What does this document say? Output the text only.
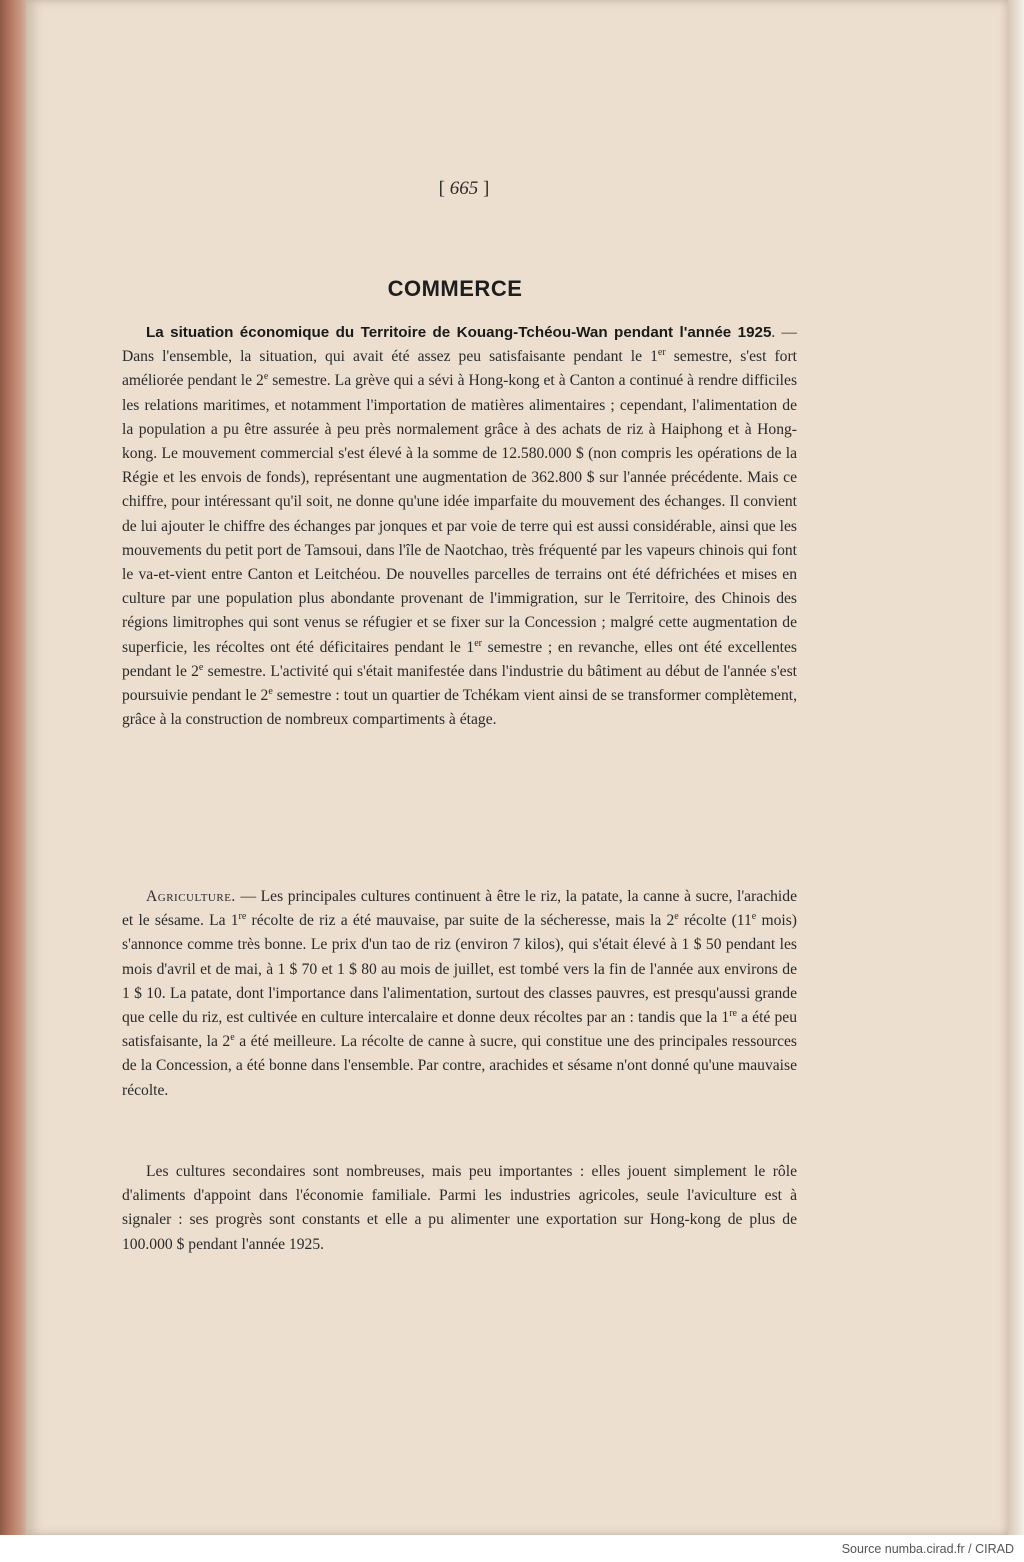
[ 665 ]
COMMERCE

La situation économique du Territoire de Kouang-Tchéou-Wan pendant l'année 1925. — Dans l'ensemble, la situation, qui avait été assez peu satisfaisante pendant le 1er semestre, s'est fort améliorée pendant le 2e semestre. La grève qui a sévi à Hong-kong et à Canton a continué à rendre difficiles les relations maritimes, et notamment l'importation de matières alimentaires ; cependant, l'alimentation de la population a pu être assurée à peu près normalement grâce à des achats de riz à Haiphong et à Hong-kong. Le mouvement commercial s'est élevé à la somme de 12.580.000 $ (non compris les opérations de la Régie et les envois de fonds), représentant une augmentation de 362.800 $ sur l'année précédente. Mais ce chiffre, pour intéressant qu'il soit, ne donne qu'une idée imparfaite du mouvement des échanges. Il convient de lui ajouter le chiffre des échanges par jonques et par voie de terre qui est aussi considérable, ainsi que les mouvements du petit port de Tamsoui, dans l'île de Naotchao, très fréquenté par les vapeurs chinois qui font le va-et-vient entre Canton et Leitchéou. De nouvelles parcelles de terrains ont été défrichées et mises en culture par une population plus abondante provenant de l'immigration, sur le Territoire, des Chinois des régions limitrophes qui sont venus se réfugier et se fixer sur la Concession ; malgré cette augmentation de superficie, les récoltes ont été déficitaires pendant le 1er semestre ; en revanche, elles ont été excellentes pendant le 2e semestre. L'activité qui s'était manifestée dans l'industrie du bâtiment au début de l'année s'est poursuivie pendant le 2e semestre : tout un quartier de Tchékam vient ainsi de se transformer complètement, grâce à la construction de nombreux compartiments à étage.

Agriculture. — Les principales cultures continuent à être le riz, la patate, la canne à sucre, l'arachide et le sésame. La 1re récolte de riz a été mauvaise, par suite de la sécheresse, mais la 2e récolte (11e mois) s'annonce comme très bonne. Le prix d'un tao de riz (environ 7 kilos), qui s'était élevé à 1 $ 50 pendant les mois d'avril et de mai, à 1 $ 70 et 1 $ 80 au mois de juillet, est tombé vers la fin de l'année aux environs de 1 $ 10. La patate, dont l'importance dans l'alimentation, surtout des classes pauvres, est presqu'aussi grande que celle du riz, est cultivée en culture intercalaire et donne deux récoltes par an : tandis que la 1re a été peu satisfaisante, la 2e a été meilleure. La récolte de canne à sucre, qui constitue une des principales ressources de la Concession, a été bonne dans l'ensemble. Par contre, arachides et sésame n'ont donné qu'une mauvaise récolte.

Les cultures secondaires sont nombreuses, mais peu importantes : elles jouent simplement le rôle d'aliments d'appoint dans l'économie familiale. Parmi les industries agricoles, seule l'aviculture est à signaler : ses progrès sont constants et elle a pu alimenter une exportation sur Hong-kong de plus de 100.000 $ pendant l'année 1925.

Source numba.cirad.fr / CIRAD
